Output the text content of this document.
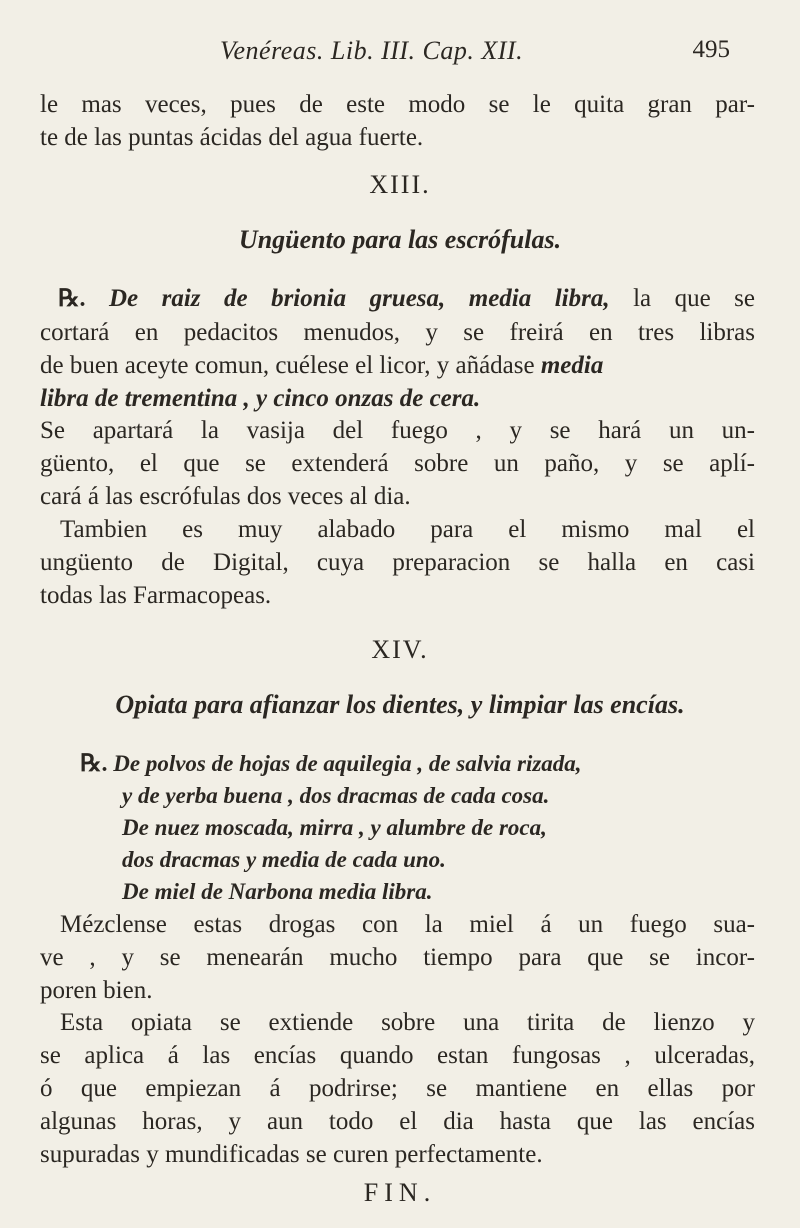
Venéreas. Lib. III. Cap. XII.	495
le mas veces, pues de este modo se le quita gran par-
te de las puntas ácidas del agua fuerte.
XIII.
Ungüento para las escrófulas.
℞. De raiz de brionia gruesa, media libra, la que se
cortará en pedacitos menudos, y se freirá en tres libras
de buen aceyte comun, cuélese el licor, y añádase media
libra de trementina , y cinco onzas de cera.
Se apartará la vasija del fuego , y se hará un un-
güento, el que se extenderá sobre un paño, y se aplí-
cará á las escrófulas dos veces al dia.
Tambien es muy alabado para el mismo mal el
ungüento de Digital, cuya preparacion se halla en casi
todas las Farmacopeas.
XIV.
Opiata para afianzar los dientes, y limpiar las encías.
℞. De polvos de hojas de aquilegia , de salvia rizada,
y de yerba buena , dos dracmas de cada cosa.
De nuez moscada, mirra , y alumbre de roca,
dos dracmas y media de cada uno.
De miel de Narbona media libra.
Mézclense estas drogas con la miel á un fuego sua-
ve , y se menearán mucho tiempo para que se incor-
poren bien.
Esta opiata se extiende sobre una tirita de lienzo y
se aplica á las encías quando estan fungosas , ulceradas,
ó que empiezan á podrirse; se mantiene en ellas por
algunas horas, y aun todo el dia hasta que las encías
supuradas y mundificadas se curen perfectamente.
FIN.
